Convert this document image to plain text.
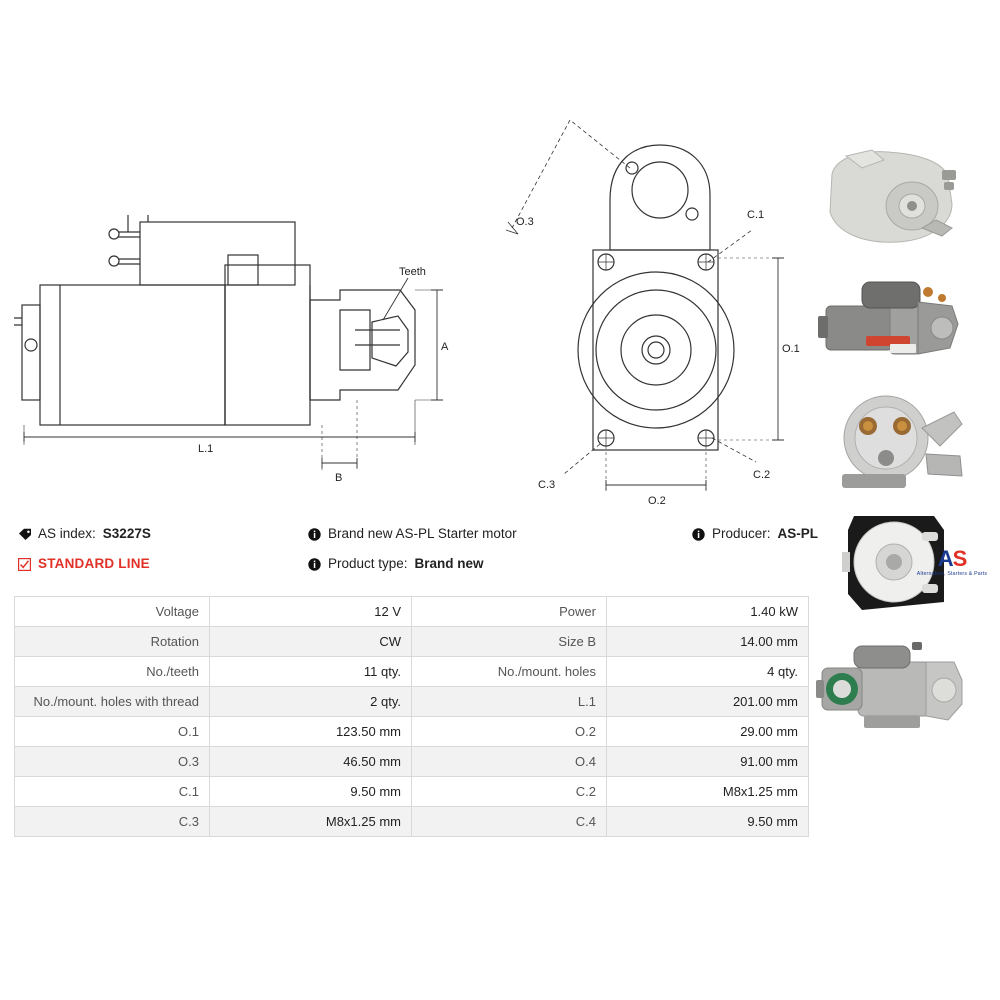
Teeth
A
L.1
B
C.1
C.2
C.3
O.3
O.1
O.2
AS index: S3227S	Brand new AS-PL Starter motor	Producer: AS-PL
STANDARD LINE	Product type: Brand new	AS
Alternators, Starters & Parts
Voltage	12 V	Power	1.40 kW
Rotation	CW	Size B	14.00 mm
No./teeth	11 qty.	No./mount. holes	4 qty.
No./mount. holes with thread	2 qty.	L.1	201.00 mm
O.1	123.50 mm	O.2	29.00 mm
O.3	46.50 mm	O.4	91.00 mm
C.1	9.50 mm	C.2	M8x1.25 mm
C.3	M8x1.25 mm	C.4	9.50 mm
